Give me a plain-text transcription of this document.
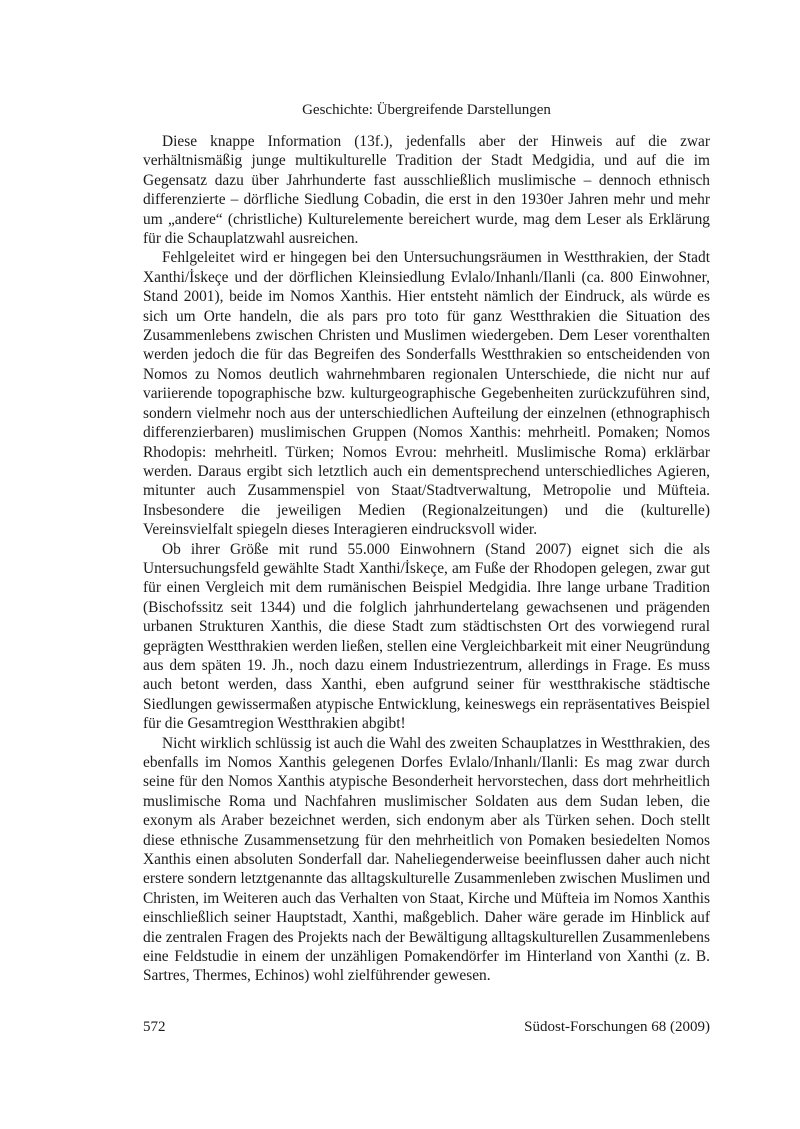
Geschichte: Übergreifende Darstellungen

Diese knappe Information (13f.), jedenfalls aber der Hinweis auf die zwar verhältnismäßig junge multikulturelle Tradition der Stadt Medgidia, und auf die im Gegensatz dazu über Jahrhunderte fast ausschließlich muslimische – dennoch ethnisch differenzierte – dörfliche Siedlung Cobadin, die erst in den 1930er Jahren mehr und mehr um „andere“ (christliche) Kulturelemente bereichert wurde, mag dem Leser als Erklärung für die Schauplatzwahl ausreichen.

Fehlgeleitet wird er hingegen bei den Untersuchungsräumen in Westthrakien, der Stadt Xanthi/İskeçe und der dörflichen Kleinsiedlung Evlalo/Inhanlı/Ilanli (ca. 800 Einwohner, Stand 2001), beide im Nomos Xanthis. Hier entsteht nämlich der Eindruck, als würde es sich um Orte handeln, die als pars pro toto für ganz Westthrakien die Situation des Zusammenlebens zwischen Christen und Muslimen wiedergeben. Dem Leser vorenthalten werden jedoch die für das Begreifen des Sonderfalls Westthrakien so entscheidenden von Nomos zu Nomos deutlich wahrnehmbaren regionalen Unterschiede, die nicht nur auf variierende topographische bzw. kulturgeographische Gegebenheiten zurückzuführen sind, sondern vielmehr noch aus der unterschiedlichen Aufteilung der einzelnen (ethnographisch differenzierbaren) muslimischen Gruppen (Nomos Xanthis: mehrheitl. Pomaken; Nomos Rhodopis: mehrheitl. Türken; Nomos Evrou: mehrheitl. Muslimische Roma) erklärbar werden. Daraus ergibt sich letztlich auch ein dementsprechend unterschiedliches Agieren, mitunter auch Zusammenspiel von Staat/Stadtverwaltung, Metropolie und Müfteia. Insbesondere die jeweiligen Medien (Regionalzeitungen) und die (kulturelle) Vereinsvielfalt spiegeln dieses Interagieren eindrucksvoll wider.

Ob ihrer Größe mit rund 55.000 Einwohnern (Stand 2007) eignet sich die als Untersuchungsfeld gewählte Stadt Xanthi/İskeçe, am Fuße der Rhodopen gelegen, zwar gut für einen Vergleich mit dem rumänischen Beispiel Medgidia. Ihre lange urbane Tradition (Bischofssitz seit 1344) und die folglich jahrhundertelang gewachsenen und prägenden urbanen Strukturen Xanthis, die diese Stadt zum städtischsten Ort des vorwiegend rural geprägten Westthrakien werden ließen, stellen eine Vergleichbarkeit mit einer Neugründung aus dem späten 19. Jh., noch dazu einem Industriezentrum, allerdings in Frage. Es muss auch betont werden, dass Xanthi, eben aufgrund seiner für westthrakische städtische Siedlungen gewissermaßen atypische Entwicklung, keineswegs ein repräsentatives Beispiel für die Gesamtregion Westthrakien abgibt!

Nicht wirklich schlüssig ist auch die Wahl des zweiten Schauplatzes in Westthrakien, des ebenfalls im Nomos Xanthis gelegenen Dorfes Evlalo/Inhanlı/Ilanli: Es mag zwar durch seine für den Nomos Xanthis atypische Besonderheit hervorstechen, dass dort mehrheitlich muslimische Roma und Nachfahren muslimischer Soldaten aus dem Sudan leben, die exonym als Araber bezeichnet werden, sich endonym aber als Türken sehen. Doch stellt diese ethnische Zusammensetzung für den mehrheitlich von Pomaken besiedelten Nomos Xanthis einen absoluten Sonderfall dar. Naheliegenderweise beeinflussen daher auch nicht erstere sondern letztgenannte das alltagskulturelle Zusammenleben zwischen Muslimen und Christen, im Weiteren auch das Verhalten von Staat, Kirche und Müfteia im Nomos Xanthis einschließlich seiner Hauptstadt, Xanthi, maßgeblich. Daher wäre gerade im Hinblick auf die zentralen Fragen des Projekts nach der Bewältigung alltagskulturellen Zusammenlebens eine Feldstudie in einem der unzähligen Pomakendörfer im Hinterland von Xanthi (z. B. Sartres, Thermes, Echinos) wohl zielführender gewesen.

572	Südost-Forschungen 68 (2009)
